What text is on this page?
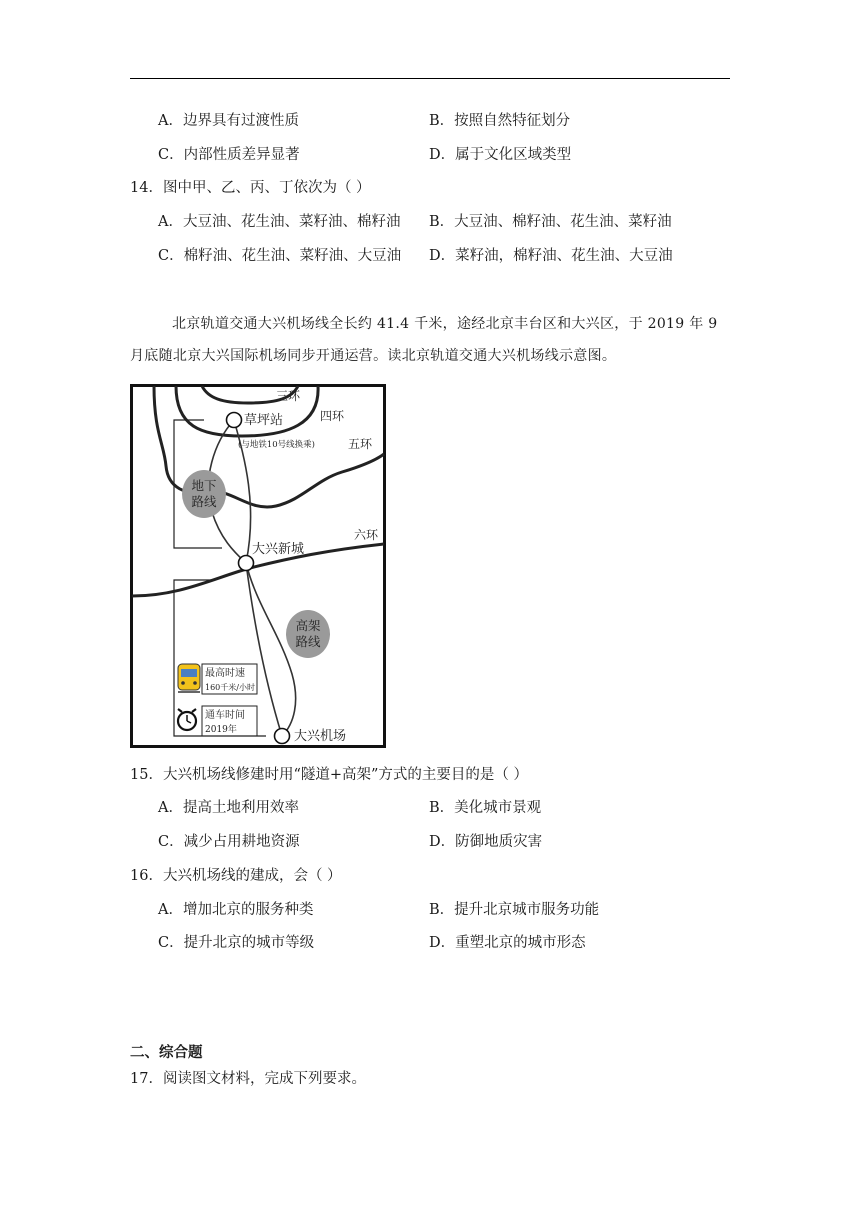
A．边界具有过渡性质	B．按照自然特征划分
C．内部性质差异显著	D．属于文化区域类型
14．图中甲、乙、丙、丁依次为（ ）
A．大豆油、花生油、菜籽油、棉籽油 B．大豆油、棉籽油、花生油、菜籽油
C．棉籽油、花生油、菜籽油、大豆油 D．菜籽油，棉籽油、花生油、大豆油
北京轨道交通大兴机场线全长约 41.4 千米，途经北京丰台区和大兴区，于 2019 年 9
月底随北京大兴国际机场同步开通运营。读北京轨道交通大兴机场线示意图。
地下
路线
高架
路线
三环
四环
五环
六环
草坪站
(与地铁10号线换乘)
大兴新城
大兴机场
最高时速
160千米/小时
通车时间
2019年
15．大兴机场线修建时用“隧道+高架”方式的主要目的是（ ）
A．提高土地利用效率	B．美化城市景观
C．减少占用耕地资源	D．防御地质灾害
16．大兴机场线的建成，会（ ）
A．增加北京的服务种类	B．提升北京城市服务功能
C．提升北京的城市等级	D．重塑北京的城市形态
二、综合题
17．阅读图文材料，完成下列要求。
